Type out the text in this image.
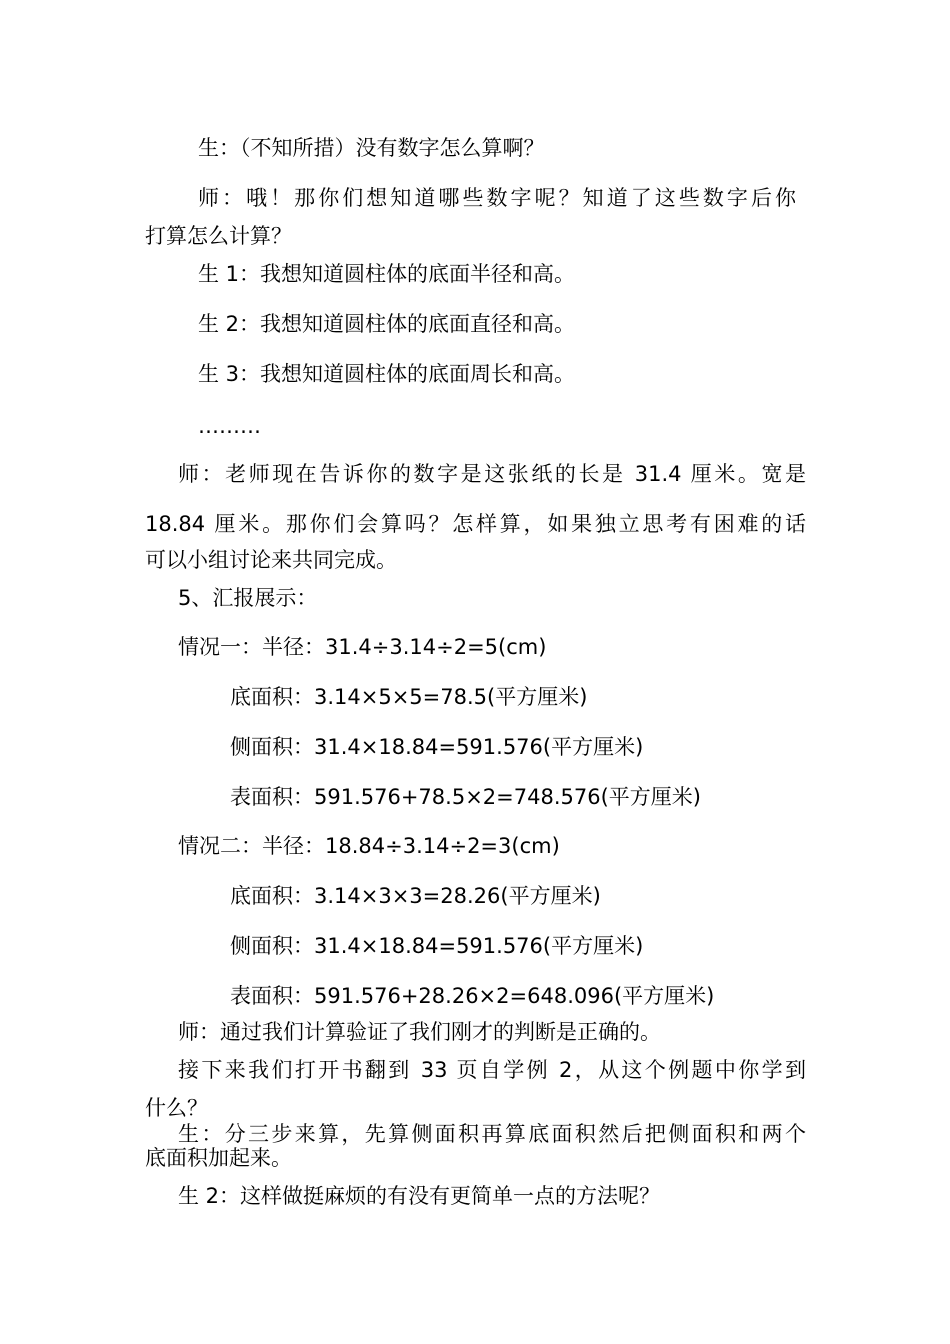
生：（不知所措）没有数字怎么算啊？
师：哦！那你们想知道哪些数字呢？知道了这些数字后你
打算怎么计算？
生 1：我想知道圆柱体的底面半径和高。
生 2：我想知道圆柱体的底面直径和高。
生 3：我想知道圆柱体的底面周长和高。
………
师：老师现在告诉你的数字是这张纸的长是 31.4 厘米。宽是
18.84 厘米。那你们会算吗？怎样算，如果独立思考有困难的话
可以小组讨论来共同完成。
5、汇报展示：
情况一：半径：31.4÷3.14÷2=5(cm)
底面积：3.14×5×5=78.5(平方厘米)
侧面积：31.4×18.84=591.576(平方厘米)
表面积：591.576+78.5×2=748.576(平方厘米)
情况二：半径：18.84÷3.14÷2=3(cm)
底面积：3.14×3×3=28.26(平方厘米)
侧面积：31.4×18.84=591.576(平方厘米)
表面积：591.576+28.26×2=648.096(平方厘米)
师：通过我们计算验证了我们刚才的判断是正确的。
接下来我们打开书翻到 33 页自学例 2，从这个例题中你学到
什么？
生：分三步来算，先算侧面积再算底面积然后把侧面积和两个
底面积加起来。
生 2：这样做挺麻烦的有没有更简单一点的方法呢？
